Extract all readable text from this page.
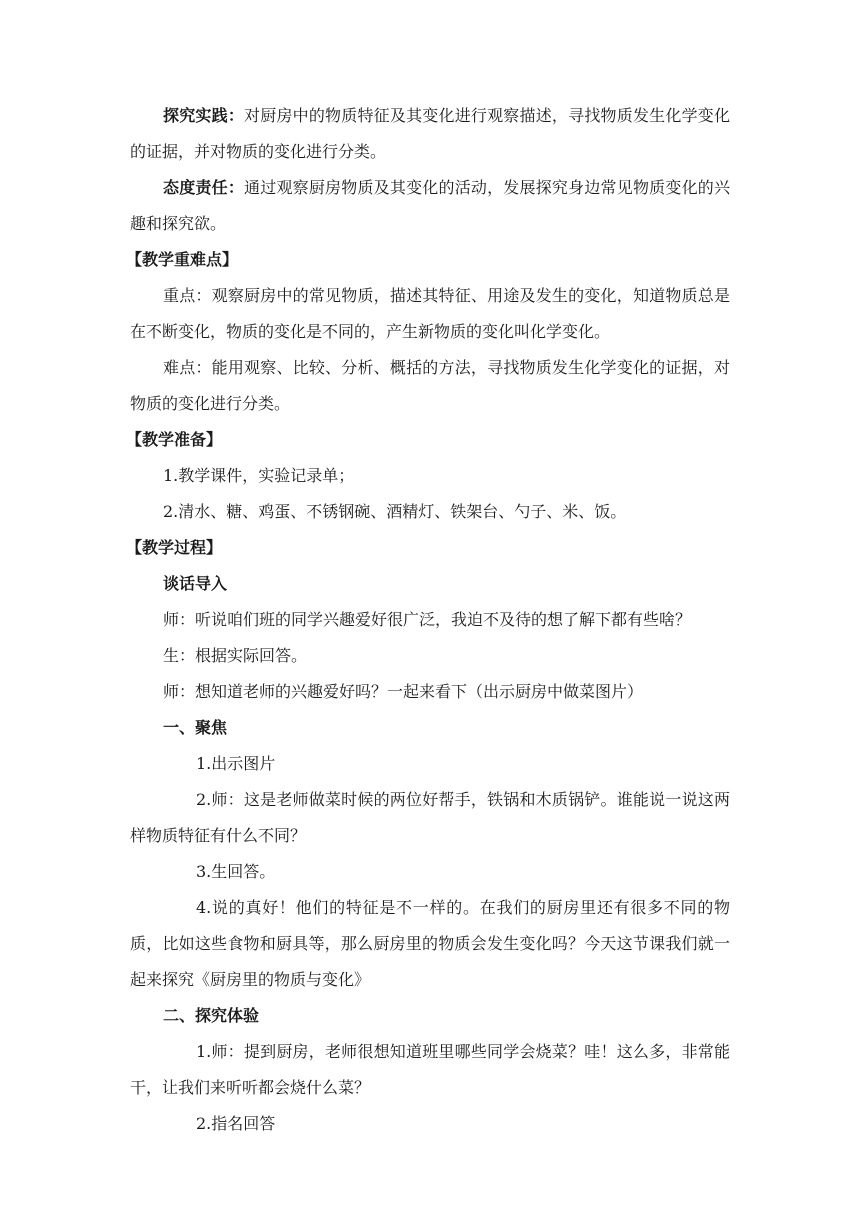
探究实践：对厨房中的物质特征及其变化进行观察描述，寻找物质发生化学变化的证据，并对物质的变化进行分类。

态度责任：通过观察厨房物质及其变化的活动，发展探究身边常见物质变化的兴趣和探究欲。

【教学重难点】

重点：观察厨房中的常见物质，描述其特征、用途及发生的变化，知道物质总是在不断变化，物质的变化是不同的，产生新物质的变化叫化学变化。

难点：能用观察、比较、分析、概括的方法，寻找物质发生化学变化的证据，对物质的变化进行分类。

【教学准备】

1.教学课件，实验记录单；

2.清水、糖、鸡蛋、不锈钢碗、酒精灯、铁架台、勺子、米、饭。

【教学过程】

谈话导入

师：听说咱们班的同学兴趣爱好很广泛，我迫不及待的想了解下都有些啥？

生：根据实际回答。

师：想知道老师的兴趣爱好吗？一起来看下（出示厨房中做菜图片）

一、聚焦

1.出示图片

2.师：这是老师做菜时候的两位好帮手，铁锅和木质锅铲。谁能说一说这两样物质特征有什么不同？

3.生回答。

4.说的真好！他们的特征是不一样的。在我们的厨房里还有很多不同的物质，比如这些食物和厨具等，那么厨房里的物质会发生变化吗？今天这节课我们就一起来探究《厨房里的物质与变化》

二、探究体验

1.师：提到厨房，老师很想知道班里哪些同学会烧菜？哇！这么多，非常能干，让我们来听听都会烧什么菜？

2.指名回答
